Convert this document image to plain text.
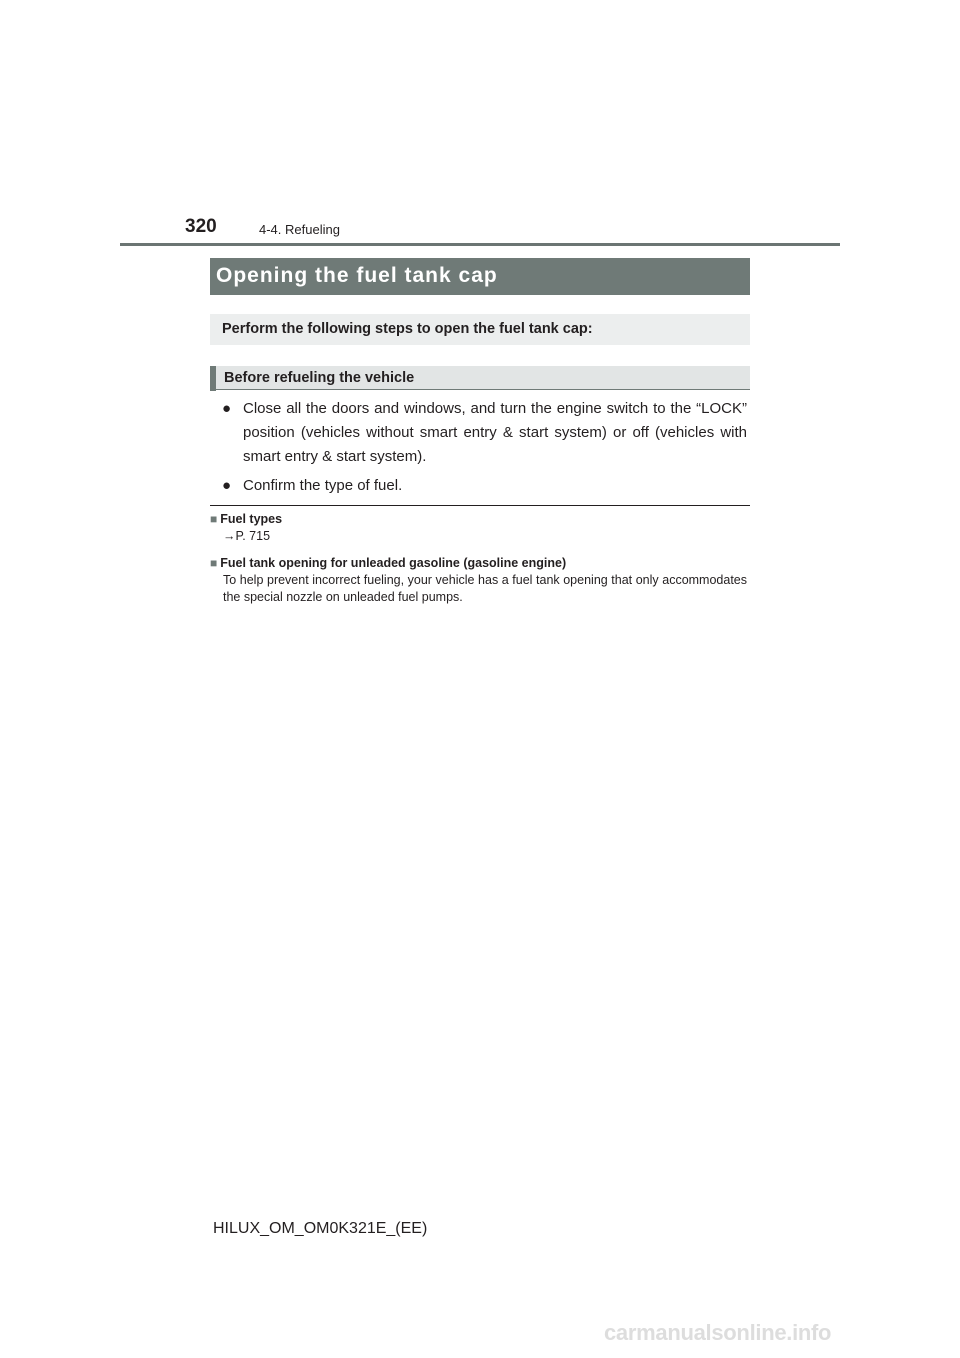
320	4-4. Refueling
Opening the fuel tank cap
Perform the following steps to open the fuel tank cap:
Before refueling the vehicle
● Close all the doors and windows, and turn the engine switch to the “LOCK” position (vehicles without smart entry & start system) or off (vehicles with smart entry & start system).
● Confirm the type of fuel.
■ Fuel types
→P. 715
■ Fuel tank opening for unleaded gasoline (gasoline engine)
To help prevent incorrect fueling, your vehicle has a fuel tank opening that only accommodates the special nozzle on unleaded fuel pumps.
HILUX_OM_OM0K321E_(EE)
carmanualsonline.info
